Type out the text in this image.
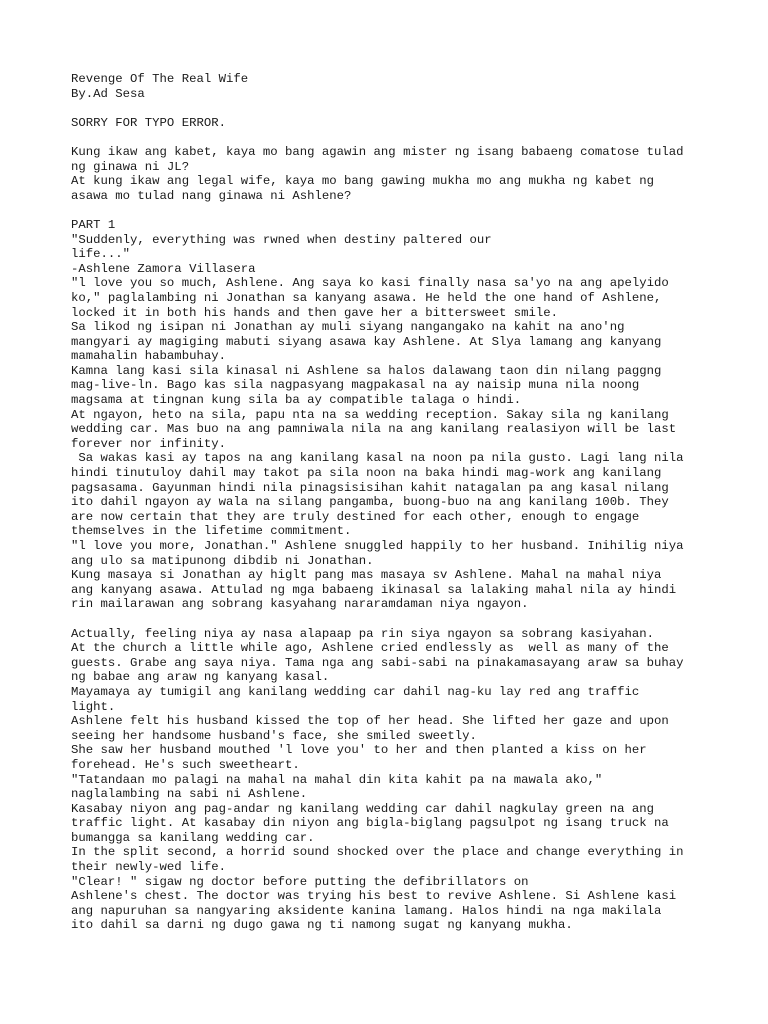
Revenge Of The Real Wife
By.Ad Sesa
SORRY FOR TYPO ERROR.
Kung ikaw ang kabet, kaya mo bang agawin ang mister ng isang babaeng comatose tulad
ng ginawa ni JL?
At kung ikaw ang legal wife, kaya mo bang gawing mukha mo ang mukha ng kabet ng
asawa mo tulad nang ginawa ni Ashlene?
PART 1
"Suddenly, everything was rwned when destiny paltered our
life..."
-Ashlene Zamora Villasera
"l love you so much, Ashlene. Ang saya ko kasi finally nasa sa'yo na ang apelyido
ko," paglalambing ni Jonathan sa kanyang asawa. He held the one hand of Ashlene,
locked it in both his hands and then gave her a bittersweet smile.
Sa likod ng isipan ni Jonathan ay muli siyang nangangako na kahit na ano'ng
mangyari ay magiging mabuti siyang asawa kay Ashlene. At Slya lamang ang kanyang
mamahalin habambuhay.
Kamna lang kasi sila kinasal ni Ashlene sa halos dalawang taon din nilang paggng
mag-live-ln. Bago kas sila nagpasyang magpakasal na ay naisip muna nila noong
magsama at tingnan kung sila ba ay compatible talaga o hindi.
At ngayon, heto na sila, papu nta na sa wedding reception. Sakay sila ng kanilang
wedding car. Mas buo na ang pamniwala nila na ang kanilang realasiyon will be last
forever nor infinity.
Sa wakas kasi ay tapos na ang kanilang kasal na noon pa nila gusto. Lagi lang nila
hindi tinutuloy dahil may takot pa sila noon na baka hindi mag-work ang kanilang
pagsasama. Gayunman hindi nila pinagsisisihan kahit natagalan pa ang kasal nilang
ito dahil ngayon ay wala na silang pangamba, buong-buo na ang kanilang 100b. They
are now certain that they are truly destined for each other, enough to engage
themselves in the lifetime commitment.
"l love you more, Jonathan." Ashlene snuggled happily to her husband. Inihilig niya
ang ulo sa matipunong dibdib ni Jonathan.
Kung masaya si Jonathan ay higlt pang mas masaya sv Ashlene. Mahal na mahal niya
ang kanyang asawa. Attulad ng mga babaeng ikinasal sa lalaking mahal nila ay hindi
rin mailarawan ang sobrang kasyahang nararamdaman niya ngayon.
Actually, feeling niya ay nasa alapaap pa rin siya ngayon sa sobrang kasiyahan.
At the church a little while ago, Ashlene cried endlessly as  well as many of the
guests. Grabe ang saya niya. Tama nga ang sabi-sabi na pinakamasayang araw sa buhay
ng babae ang araw ng kanyang kasal.
Mayamaya ay tumigil ang kanilang wedding car dahil nag-ku lay red ang traffic
light.
Ashlene felt his husband kissed the top of her head. She lifted her gaze and upon
seeing her handsome husband's face, she smiled sweetly.
She saw her husband mouthed 'l love you' to her and then planted a kiss on her
forehead. He's such sweetheart.
"Tatandaan mo palagi na mahal na mahal din kita kahit pa na mawala ako,"
naglalambing na sabi ni Ashlene.
Kasabay niyon ang pag-andar ng kanilang wedding car dahil nagkulay green na ang
traffic light. At kasabay din niyon ang bigla-biglang pagsulpot ng isang truck na
bumangga sa kanilang wedding car.
In the split second, a horrid sound shocked over the place and change everything in
their newly-wed life.
"Clear! " sigaw ng doctor before putting the defibrillators on
Ashlene's chest. The doctor was trying his best to revive Ashlene. Si Ashlene kasi
ang napuruhan sa nangyaring aksidente kanina lamang. Halos hindi na nga makilala
ito dahil sa darni ng dugo gawa ng ti namong sugat ng kanyang mukha.
